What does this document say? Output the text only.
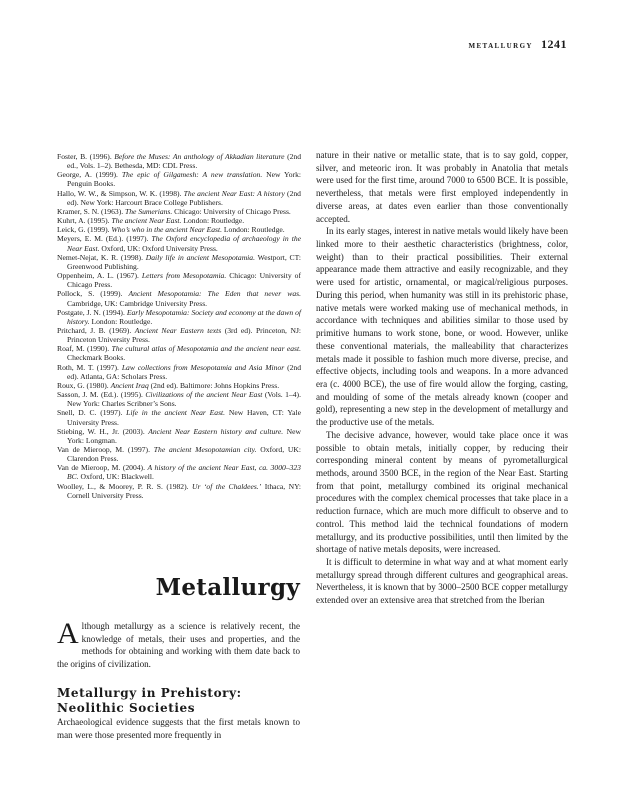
metallurgy 1241
Foster, B. (1996). Before the Muses: An anthology of Akkadian literature (2nd ed., Vols. 1–2). Bethesda, MD: CDL Press.
George, A. (1999). The epic of Gilgamesh: A new translation. New York: Penguin Books.
Hallo, W. W., & Simpson, W. K. (1998). The ancient Near East: A history (2nd ed). New York: Harcourt Brace College Publishers.
Kramer, S. N. (1963). The Sumerians. Chicago: University of Chicago Press.
Kuhrt, A. (1995). The ancient Near East. London: Routledge.
Leick, G. (1999). Who’s who in the ancient Near East. London: Routledge.
Meyers, E. M. (Ed.). (1997). The Oxford encyclopedia of archaeology in the Near East. Oxford, UK: Oxford University Press.
Nemet-Nejat, K. R. (1998). Daily life in ancient Mesopotamia. Westport, CT: Greenwood Publishing.
Oppenheim, A. L. (1967). Letters from Mesopotamia. Chicago: University of Chicago Press.
Pollock, S. (1999). Ancient Mesopotamia: The Eden that never was. Cambridge, UK: Cambridge University Press.
Postgate, J. N. (1994). Early Mesopotamia: Society and economy at the dawn of history. London: Routledge.
Pritchard, J. B. (1969). Ancient Near Eastern texts (3rd ed). Princeton, NJ: Princeton University Press.
Roaf, M. (1990). The cultural atlas of Mesopotamia and the ancient near east. Checkmark Books.
Roth, M. T. (1997). Law collections from Mesopotamia and Asia Minor (2nd ed). Atlanta, GA: Scholars Press.
Roux, G. (1980). Ancient Iraq (2nd ed). Baltimore: Johns Hopkins Press.
Sasson, J. M. (Ed.). (1995). Civilizations of the ancient Near East (Vols. 1–4). New York: Charles Scribner’s Sons.
Snell, D. C. (1997). Life in the ancient Near East. New Haven, CT: Yale University Press.
Stiebing, W. H., Jr. (2003). Ancient Near Eastern history and culture. New York: Longman.
Van de Mieroop, M. (1997). The ancient Mesopotamian city. Oxford, UK: Clarendon Press.
Van de Mieroop, M. (2004). A history of the ancient Near East, ca. 3000–323 BC. Oxford, UK: Blackwell.
Woolley, L., & Moorey, P. R. S. (1982). Ur ‘of the Chaldees.’ Ithaca, NY: Cornell University Press.
Metallurgy

Although metallurgy as a science is relatively recent, the knowledge of metals, their uses and properties, and the methods for obtaining and working with them date back to the origins of civilization.

Metallurgy in Prehistory:
Neolithic Societies

Archaeological evidence suggests that the first metals known to man were those presented more frequently in

nature in their native or metallic state, that is to say gold, copper, silver, and meteoric iron. It was probably in Anatolia that metals were used for the first time, around 7000 to 6500 BCE. It is possible, nevertheless, that metals were first employed independently in diverse areas, at dates even earlier than those conventionally accepted.

In its early stages, interest in native metals would likely have been linked more to their aesthetic characteristics (brightness, color, weight) than to their practical possibilities. Their external appearance made them attractive and easily recognizable, and they were used for artistic, ornamental, or magical/religious purposes. During this period, when humanity was still in its prehistoric phase, native metals were worked making use of mechanical methods, in accordance with techniques and abilities similar to those used by primitive humans to work stone, bone, or wood. However, unlike these conventional materials, the malleability that characterizes metals made it possible to fashion much more diverse, precise, and effective objects, including tools and weapons. In a more advanced era (c. 4000 BCE), the use of fire would allow the forging, casting, and moulding of some of the metals already known (cooper and gold), representing a new step in the development of metallurgy and the productive use of the metals.

The decisive advance, however, would take place once it was possible to obtain metals, initially copper, by reducing their corresponding mineral content by means of pyrometallurgical methods, around 3500 BCE, in the region of the Near East. Starting from that point, metallurgy combined its original mechanical procedures with the complex chemical processes that take place in a reduction furnace, which are much more difficult to observe and to control. This method laid the technical foundations of modern metallurgy, and its productive possibilities, until then limited by the shortage of native metals deposits, were increased.

It is difficult to determine in what way and at what moment early metallurgy spread through different cultures and geographical areas. Nevertheless, it is known that by 3000–2500 BCE copper metallurgy extended over an extensive area that stretched from the Iberian
